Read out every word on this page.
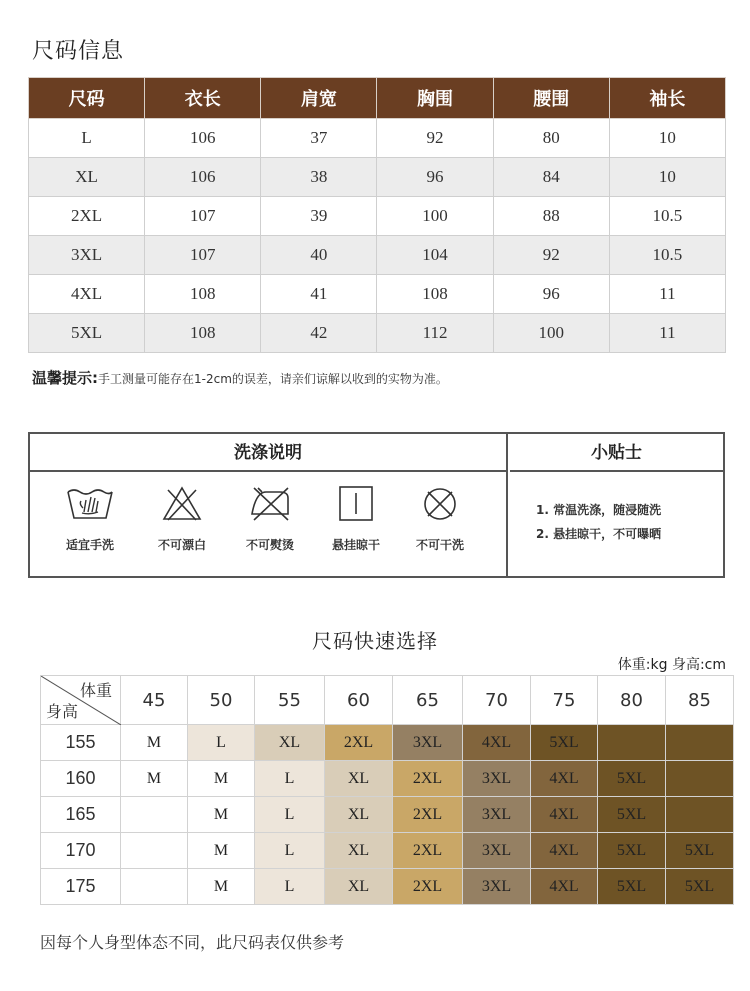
尺码信息
尺码	衣长	肩宽	胸围	腰围	袖长
L	106	37	92	80	10
XL	106	38	96	84	10
2XL	107	39	100	88	10.5
3XL	107	40	104	92	10.5
4XL	108	41	108	96	11
5XL	108	42	112	100	11
温馨提示:手工测量可能存在1-2cm的误差，请亲们谅解以收到的实物为准。
洗涤说明
适宜手洗	不可漂白	不可熨烫	悬挂晾干	不可干洗
小贴士
1. 常温洗涤，随浸随洗
2. 悬挂晾干，不可曝晒
尺码快速选择
体重:kg 身高:cm
体重
身高	45	50	55	60	65	70	75	80	85
155	M	L	XL	2XL	3XL	4XL	5XL		
160	M	M	L	XL	2XL	3XL	4XL	5XL	
165		M	L	XL	2XL	3XL	4XL	5XL	
170		M	L	XL	2XL	3XL	4XL	5XL	5XL
175		M	L	XL	2XL	3XL	4XL	5XL	5XL
因每个人身型体态不同，此尺码表仅供参考
